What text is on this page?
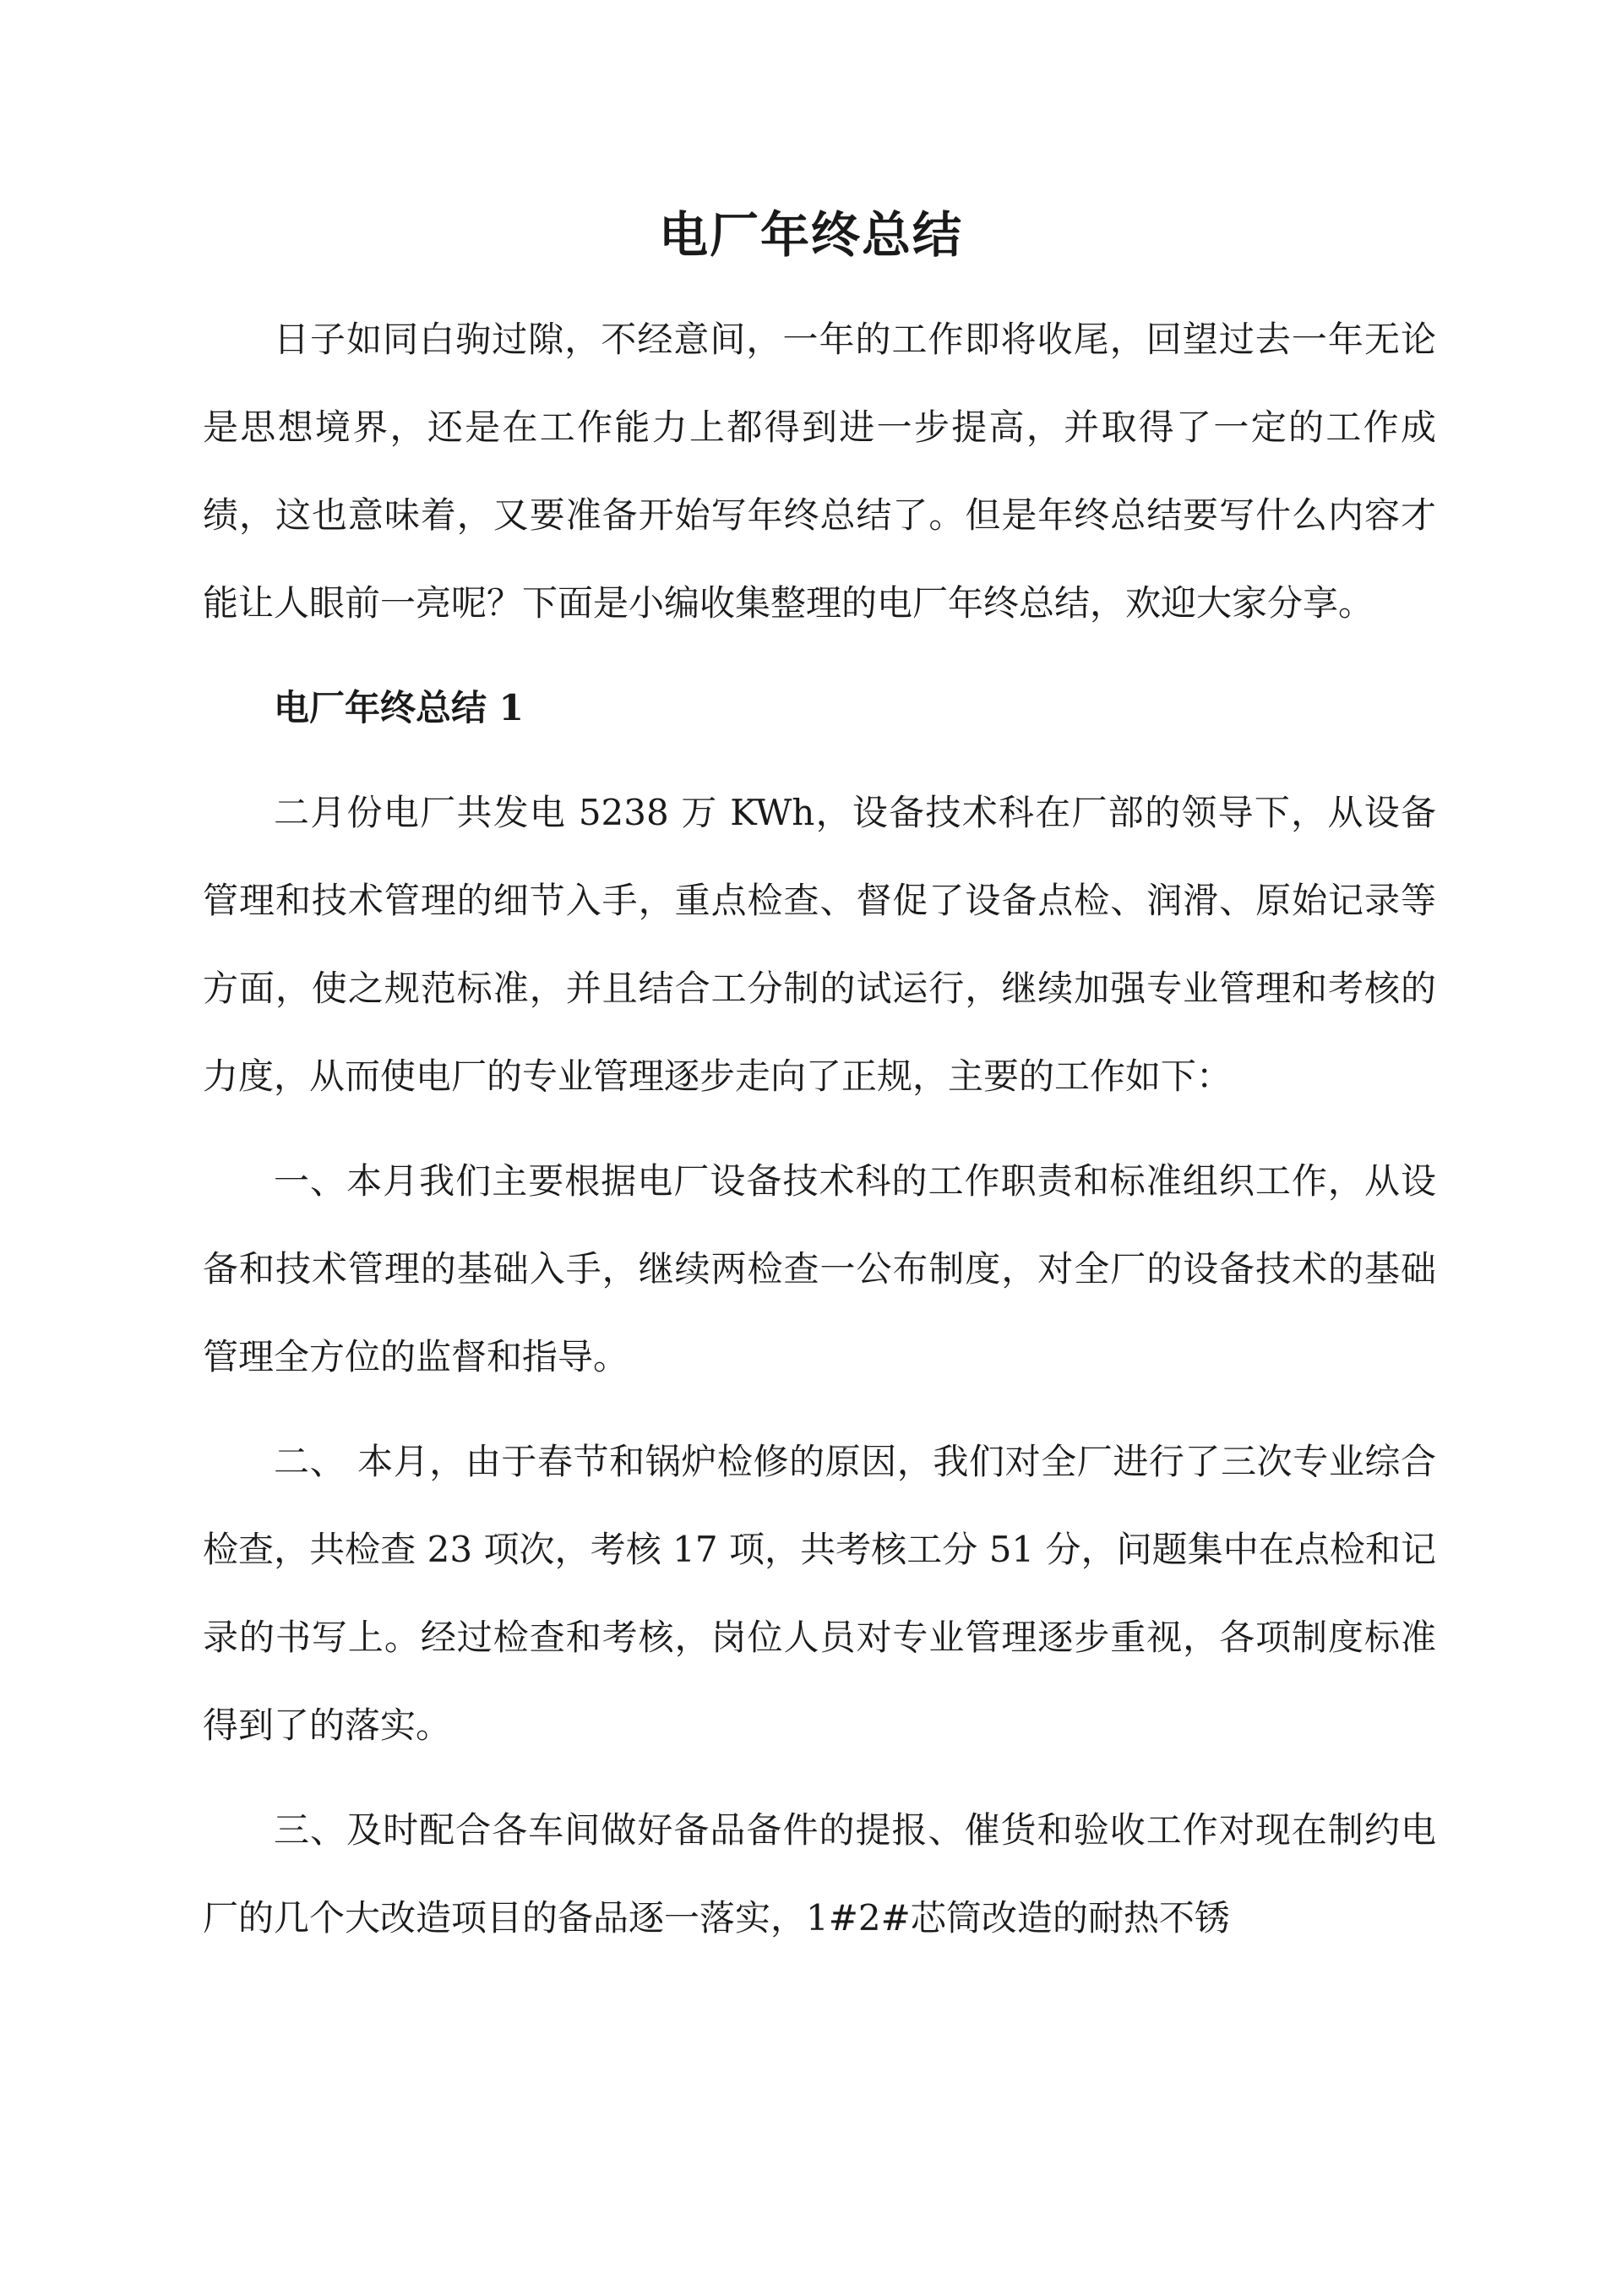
电厂年终总结

日子如同白驹过隙，不经意间，一年的工作即将收尾，回望过去一年无论是思想境界，还是在工作能力上都得到进一步提高，并取得了一定的工作成绩，这也意味着，又要准备开始写年终总结了。但是年终总结要写什么内容才能让人眼前一亮呢？下面是小编收集整理的电厂年终总结，欢迎大家分享。

电厂年终总结 1

二月份电厂共发电 5238 万 KWh，设备技术科在厂部的领导下，从设备管理和技术管理的细节入手，重点检查、督促了设备点检、润滑、原始记录等方面，使之规范标准，并且结合工分制的试运行，继续加强专业管理和考核的力度，从而使电厂的专业管理逐步走向了正规，主要的工作如下：

一、本月我们主要根据电厂设备技术科的工作职责和标准组织工作，从设备和技术管理的基础入手，继续两检查一公布制度，对全厂的设备技术的基础管理全方位的监督和指导。

二、 本月，由于春节和锅炉检修的原因，我们对全厂进行了三次专业综合检查，共检查 23 项次，考核 17 项，共考核工分 51 分，问题集中在点检和记录的书写上。经过检查和考核，岗位人员对专业管理逐步重视，各项制度标准得到了的落实。

三、及时配合各车间做好备品备件的提报、催货和验收工作对现在制约电厂的几个大改造项目的备品逐一落实，1#2#芯筒改造的耐热不锈
